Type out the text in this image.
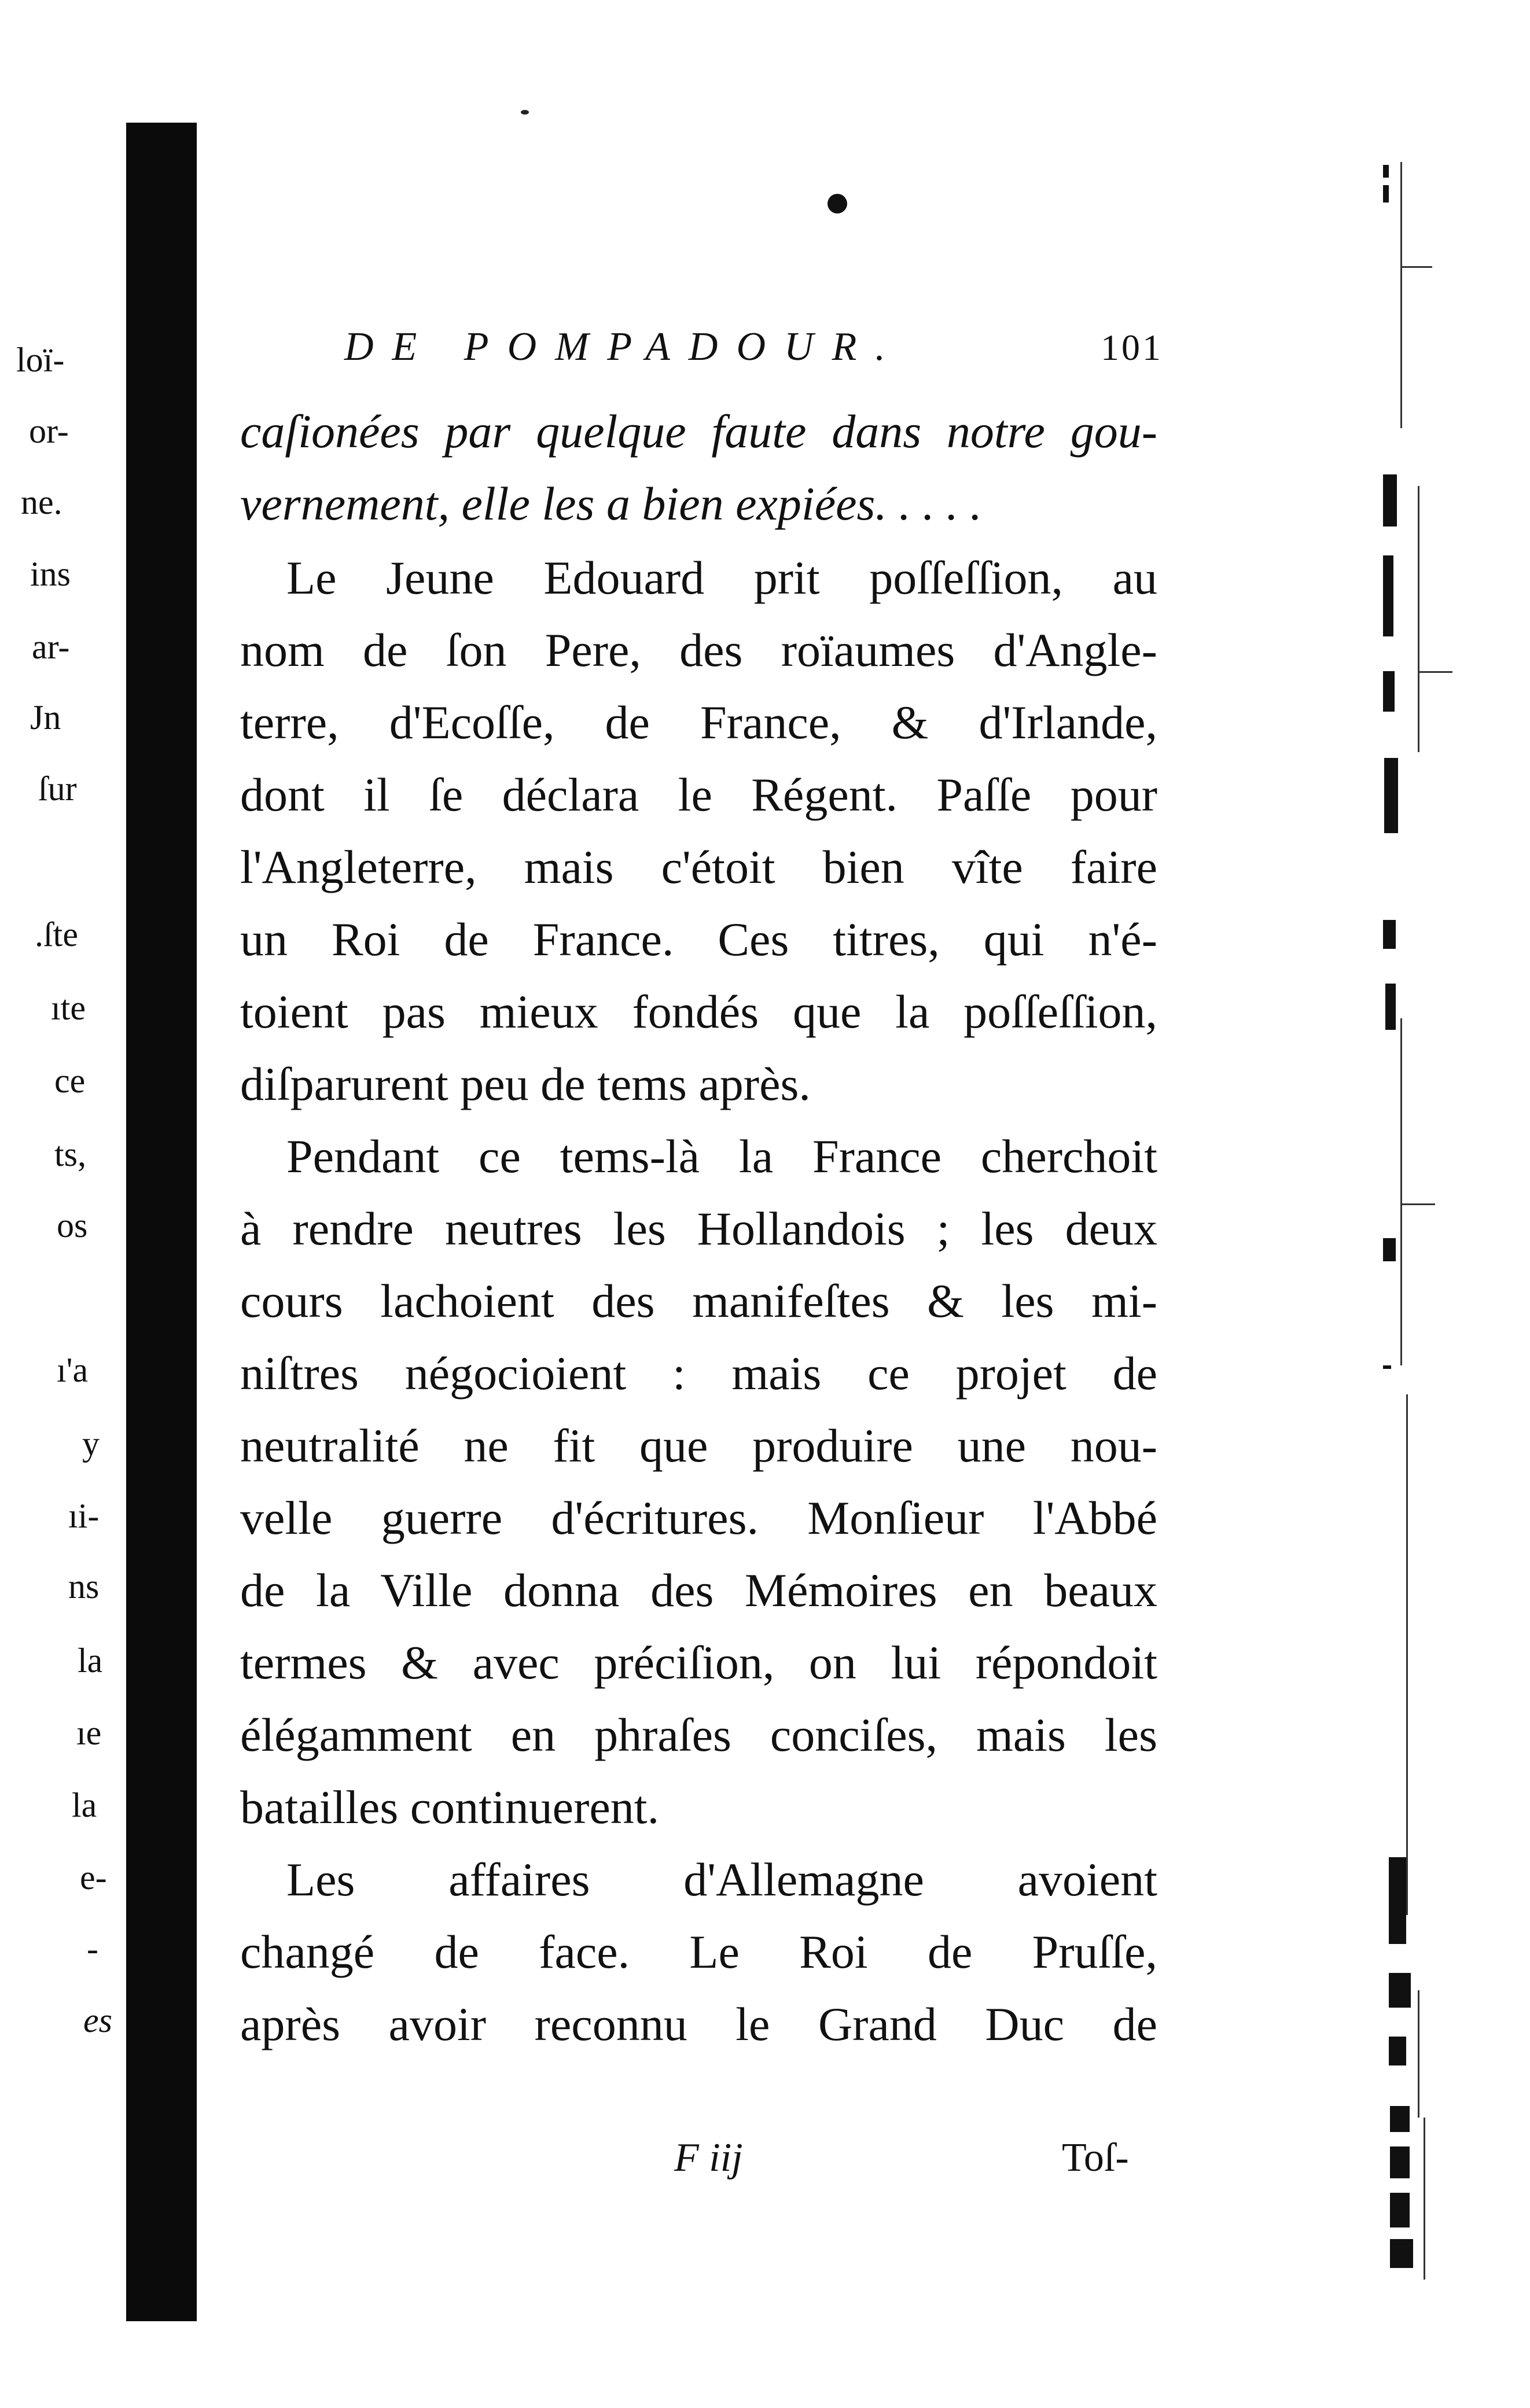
loï-
or-
ne.
ins
ar-
Jn
ſur
.ſte
ıte
ce
ts,
os
ı'a
y
ıi-
ns
la
ıe
la
e-
-
es
DE POMPADOUR.	101
caſionées par quelque faute dans notre gou-
vernement, elle les a bien expiées. . . . .
Le Jeune Edouard prit poſſeſſion, au
nom de ſon Pere, des roïaumes d'Angle-
terre, d'Ecoſſe, de France, & d'Irlande,
dont il ſe déclara le Régent. Paſſe pour
l'Angleterre, mais c'étoit bien vîte faire
un Roi de France. Ces titres, qui n'é-
toient pas mieux fondés que la poſſeſſion,
diſparurent peu de tems après.
Pendant ce tems-là la France cherchoit
à rendre neutres les Hollandois ; les deux
cours lachoient des manifeſtes & les mi-
niſtres négocioient : mais ce projet de
neutralité ne fit que produire une nou-
velle guerre d'écritures. Monſieur l'Abbé
de la Ville donna des Mémoires en beaux
termes & avec préciſion, on lui répondoit
élégamment en phraſes conciſes, mais les
batailles continuerent.
Les affaires d'Allemagne avoient
changé de face. Le Roi de Pruſſe,
après avoir reconnu le Grand Duc de
F iij	Toſ-
